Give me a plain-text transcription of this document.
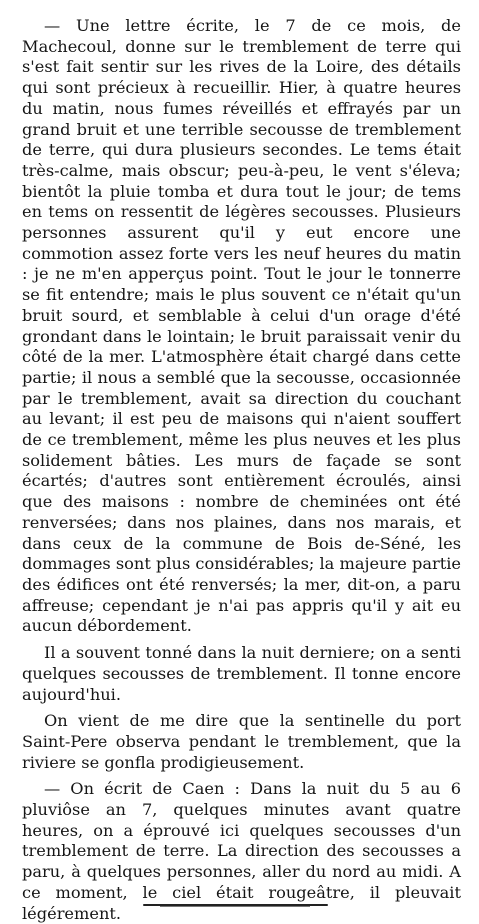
— Une lettre écrite, le 7 de ce mois, de Machecoul, donne sur le tremblement de terre qui s'est fait sentir sur les rives de la Loire, des détails qui sont précieux à recueillir. Hier, à quatre heures du matin, nous fumes réveillés et effrayés par un grand bruit et une terrible secousse de tremblement de terre, qui dura plusieurs secondes. Le tems était très-calme, mais obscur; peu-à-peu, le vent s'éleva; bientôt la pluie tomba et dura tout le jour; de tems en tems on ressentit de légères secousses. Plusieurs personnes assurent qu'il y eut encore une commotion assez forte vers les neuf heures du matin : je ne m'en apperçus point. Tout le jour le tonnerre se fit entendre; mais le plus souvent ce n'était qu'un bruit sourd, et semblable à celui d'un orage d'été grondant dans le lointain; le bruit paraissait venir du côté de la mer. L'atmosphère était chargé dans cette partie; il nous a semblé que la secousse, occasionnée par le tremblement, avait sa direction du couchant au levant; il est peu de maisons qui n'aient souffert de ce tremblement, même les plus neuves et les plus solidement bâties. Les murs de façade se sont écartés; d'autres sont entièrement écroulés, ainsi que des maisons : nombre de cheminées ont été renversées; dans nos plaines, dans nos marais, et dans ceux de la commune de Bois de-Séné, les dommages sont plus considérables; la majeure partie des édifices ont été renversés; la mer, dit-on, a paru affreuse; cependant je n'ai pas appris qu'il y ait eu aucun débordement.

Il a souvent tonné dans la nuit derniere; on a senti quelques secousses de tremblement. Il tonne encore aujourd'hui.

On vient de me dire que la sentinelle du port Saint-Pere observa pendant le tremblement, que la riviere se gonfla prodigieusement.

— On écrit de Caen : Dans la nuit du 5 au 6 pluviôse an 7, quelques minutes avant quatre heures, on a éprouvé ici quelques secousses d'un tremblement de terre. La direction des secousses a paru, à quelques personnes, aller du nord au midi. A ce moment, le ciel était rougeâtre, il pleuvait légérement.
